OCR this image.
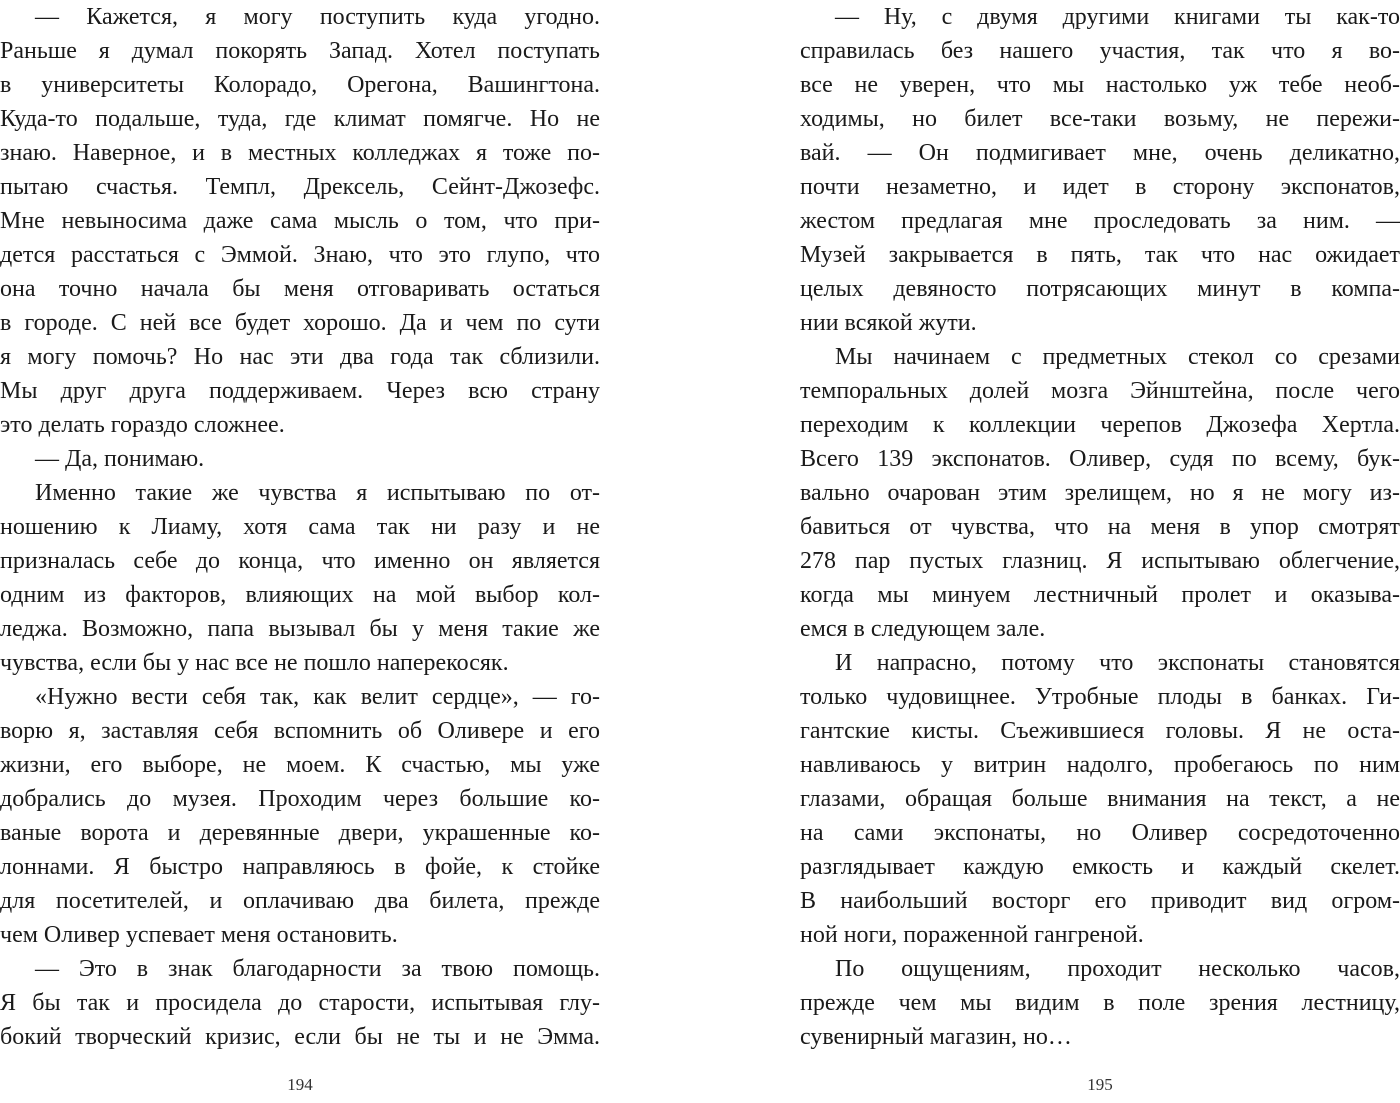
— Кажется, я могу поступить куда угодно.
Раньше я думал покорять Запад. Хотел поступать
в университеты Колорадо, Орегона, Вашингтона.
Куда-то подальше, туда, где климат помягче. Но не
знаю. Наверное, и в местных колледжах я тоже по-
пытаю счастья. Темпл, Дрексель, Сейнт-Джозефс.
Мне невыносима даже сама мысль о том, что при-
дется расстаться с Эммой. Знаю, что это глупо, что
она точно начала бы меня отговаривать остаться
в городе. С ней все будет хорошо. Да и чем по сути
я могу помочь? Но нас эти два года так сблизили.
Мы друг друга поддерживаем. Через всю страну
это делать гораздо сложнее.
— Да, понимаю.
Именно такие же чувства я испытываю по от-
ношению к Лиаму, хотя сама так ни разу и не
призналась себе до конца, что именно он является
одним из факторов, влияющих на мой выбор кол-
леджа. Возможно, папа вызывал бы у меня такие же
чувства, если бы у нас все не пошло наперекосяк.
«Нужно вести себя так, как велит сердце», — го-
ворю я, заставляя себя вспомнить об Оливере и его
жизни, его выборе, не моем. К счастью, мы уже
добрались до музея. Проходим через большие ко-
ваные ворота и деревянные двери, украшенные ко-
лоннами. Я быстро направляюсь в фойе, к стойке
для посетителей, и оплачиваю два билета, прежде
чем Оливер успевает меня остановить.
— Это в знак благодарности за твою помощь.
Я бы так и просидела до старости, испытывая глу-
бокий творческий кризис, если бы не ты и не Эмма.
194
— Ну, с двумя другими книгами ты как-то
справилась без нашего участия, так что я во-
все не уверен, что мы настолько уж тебе необ-
ходимы, но билет все-таки возьму, не пережи-
вай. — Он подмигивает мне, очень деликатно,
почти незаметно, и идет в сторону экспонатов,
жестом предлагая мне проследовать за ним. —
Музей закрывается в пять, так что нас ожидает
целых девяносто потрясающих минут в компа-
нии всякой жути.
Мы начинаем с предметных стекол со срезами
темпоральных долей мозга Эйнштейна, после чего
переходим к коллекции черепов Джозефа Хертла.
Всего 139 экспонатов. Оливер, судя по всему, бук-
вально очарован этим зрелищем, но я не могу из-
бавиться от чувства, что на меня в упор смотрят
278 пар пустых глазниц. Я испытываю облегчение,
когда мы минуем лестничный пролет и оказыва-
емся в следующем зале.
И напрасно, потому что экспонаты становятся
только чудовищнее. Утробные плоды в банках. Ги-
гантские кисты. Съежившиеся головы. Я не оста-
навливаюсь у витрин надолго, пробегаюсь по ним
глазами, обращая больше внимания на текст, а не
на сами экспонаты, но Оливер сосредоточенно
разглядывает каждую емкость и каждый скелет.
В наибольший восторг его приводит вид огром-
ной ноги, пораженной гангреной.
По ощущениям, проходит несколько часов,
прежде чем мы видим в поле зрения лестницу,
сувенирный магазин, но…
195
